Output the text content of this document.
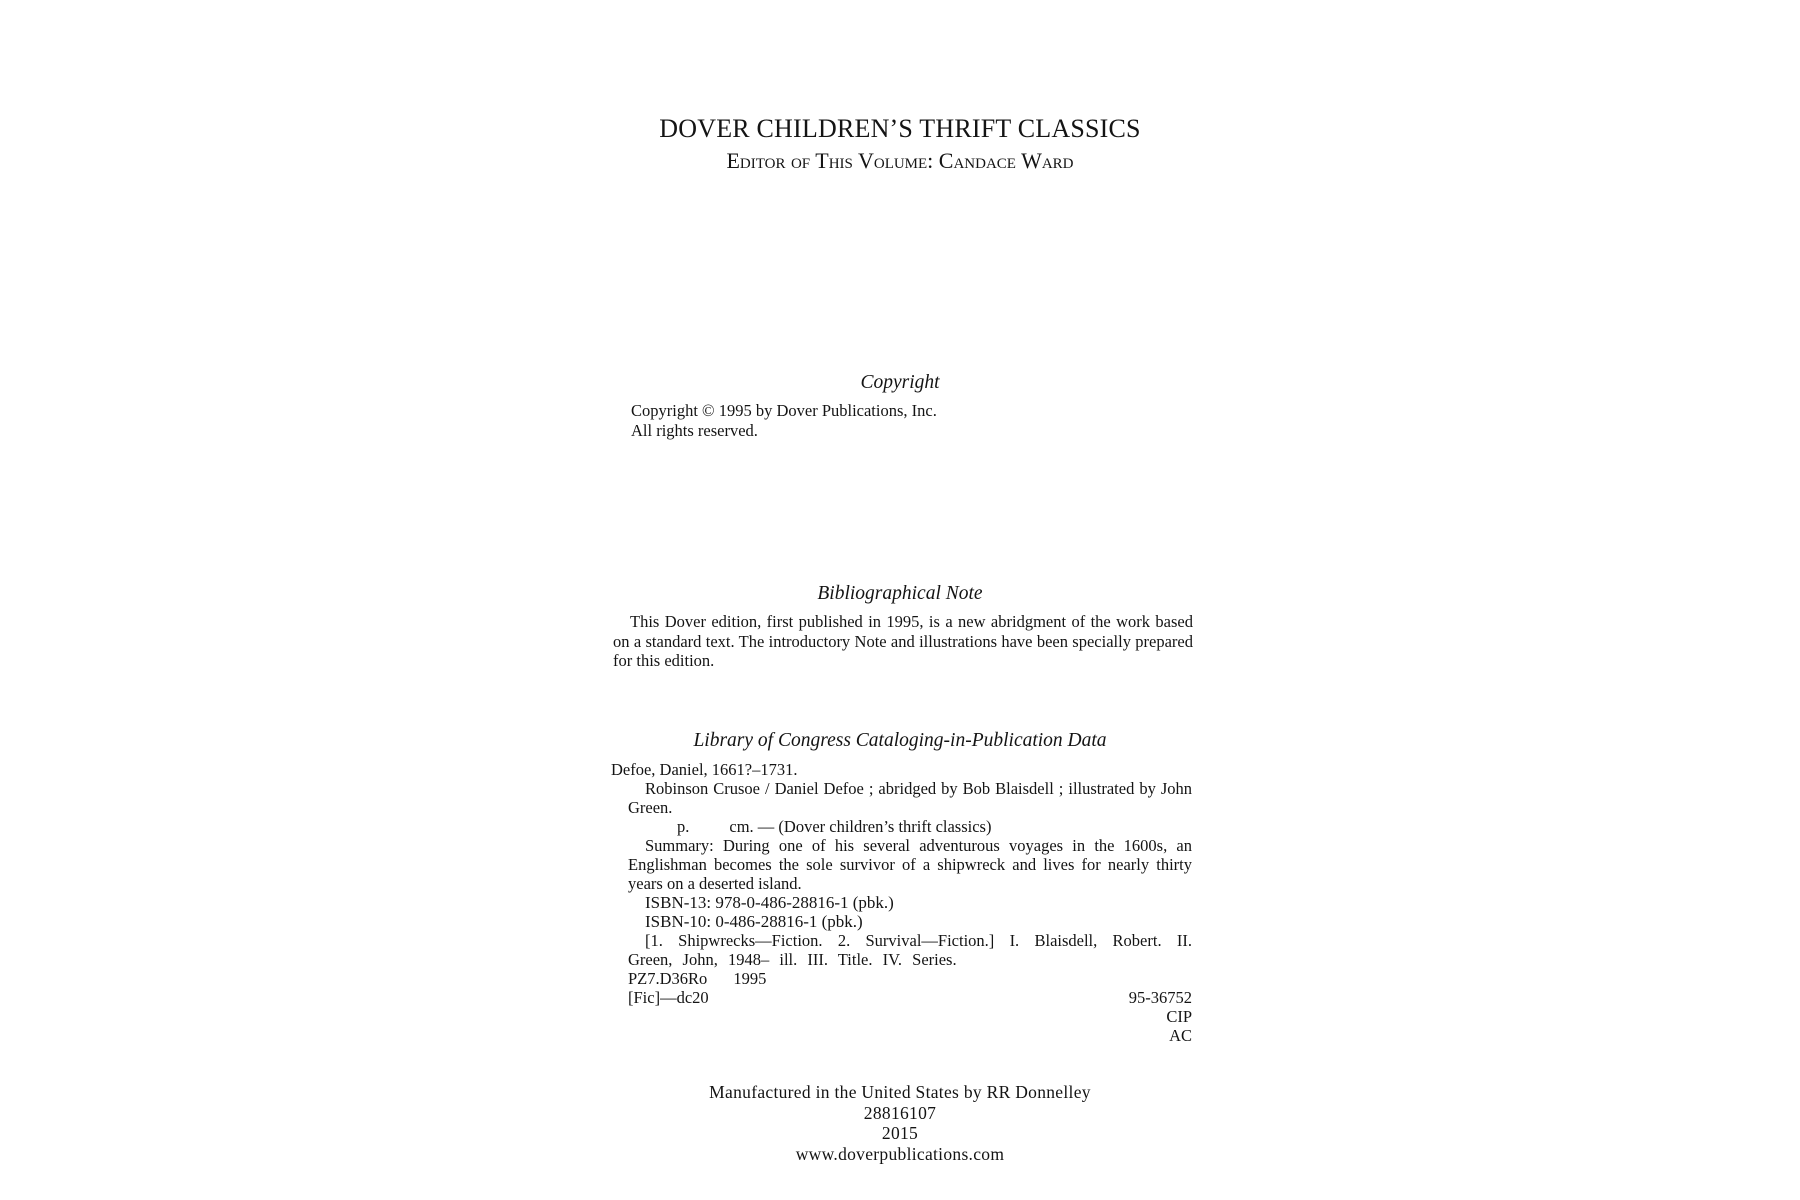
DOVER CHILDREN’S THRIFT CLASSICS
Editor of This Volume: Candace Ward
Copyright
Copyright © 1995 by Dover Publications, Inc.
All rights reserved.
Bibliographical Note
This Dover edition, first published in 1995, is a new abridgment of the work based on a standard text. The introductory Note and illustrations have been specially prepared for this edition.
Library of Congress Cataloging-in-Publication Data
Defoe, Daniel, 1661?–1731.
Robinson Crusoe / Daniel Defoe ; abridged by Bob Blaisdell ; illustrated by John Green.
p. cm. — (Dover children’s thrift classics)
Summary: During one of his several adventurous voyages in the 1600s, an Englishman becomes the sole survivor of a shipwreck and lives for nearly thirty years on a deserted island.
ISBN-13: 978-0-486-28816-1 (pbk.)
ISBN-10: 0-486-28816-1 (pbk.)
[1. Shipwrecks—Fiction. 2. Survival—Fiction.] I. Blaisdell, Robert. II. Green, John, 1948– ill. III. Title. IV. Series.
PZ7.D36Ro 1995
[Fic]—dc20	95-36752
CIP
AC
Manufactured in the United States by RR Donnelley
28816107
2015
www.doverpublications.com
